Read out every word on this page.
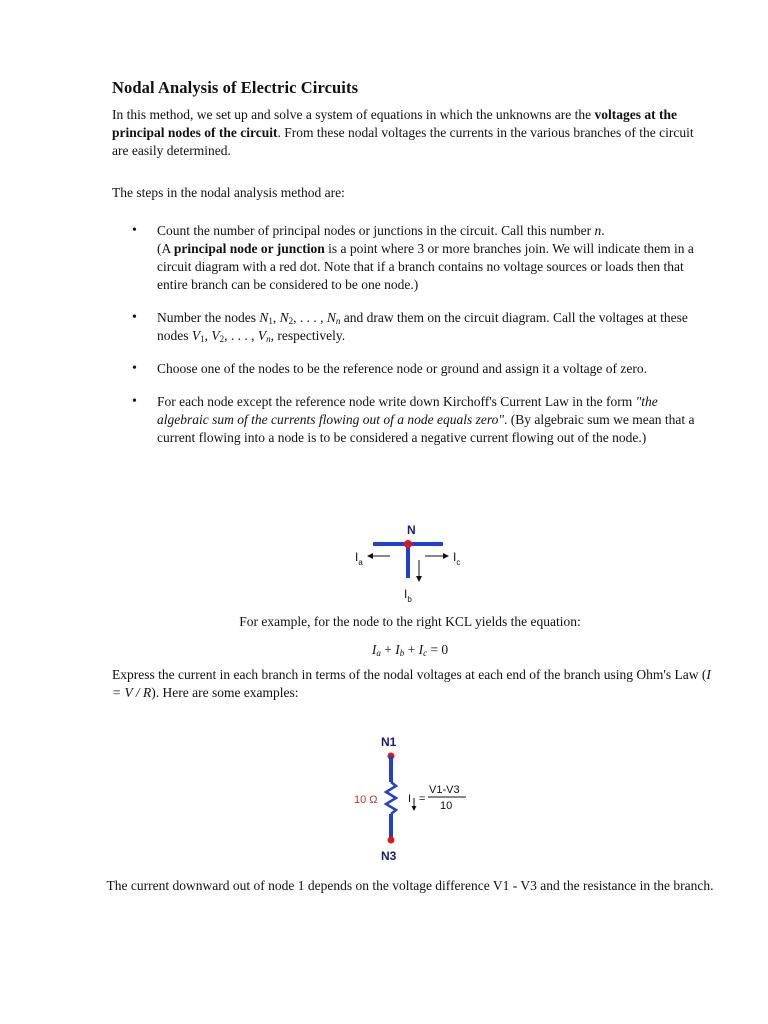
Nodal Analysis of Electric Circuits

In this method, we set up and solve a system of equations in which the unknowns are the voltages at the principal nodes of the circuit. From these nodal voltages the currents in the various branches of the circuit are easily determined.

The steps in the nodal analysis method are:

• Count the number of principal nodes or junctions in the circuit. Call this number n.
(A principal node or junction is a point where 3 or more branches join. We will indicate them in a circuit diagram with a red dot. Note that if a branch contains no voltage sources or loads then that entire branch can be considered to be one node.)
• Number the nodes $N_1$, $N_2$, . . . , $N_n$ and draw them on the circuit diagram. Call the voltages at these nodes $V_1$, $V_2$, . . . , $V_n$, respectively.
• Choose one of the nodes to be the reference node or ground and assign it a voltage of zero.
• For each node except the reference node write down Kirchoff's Current Law in the form "the algebraic sum of the currents flowing out of a node equals zero". (By algebraic sum we mean that a current flowing into a node is to be considered a negative current flowing out of the node.)
N
$I_a$	$I_c$
$I_b$
For example, for the node to the right KCL yields the equation:
$I_a + I_b + I_c = 0$

Express the current in each branch in terms of the nodal voltages at each end of the branch using Ohm's Law (I = V / R). Here are some examples:

N1
N3
10 Ω	I =
V1-V3
10
The current downward out of node 1 depends on the voltage difference V1 - V3 and the resistance in the branch.
